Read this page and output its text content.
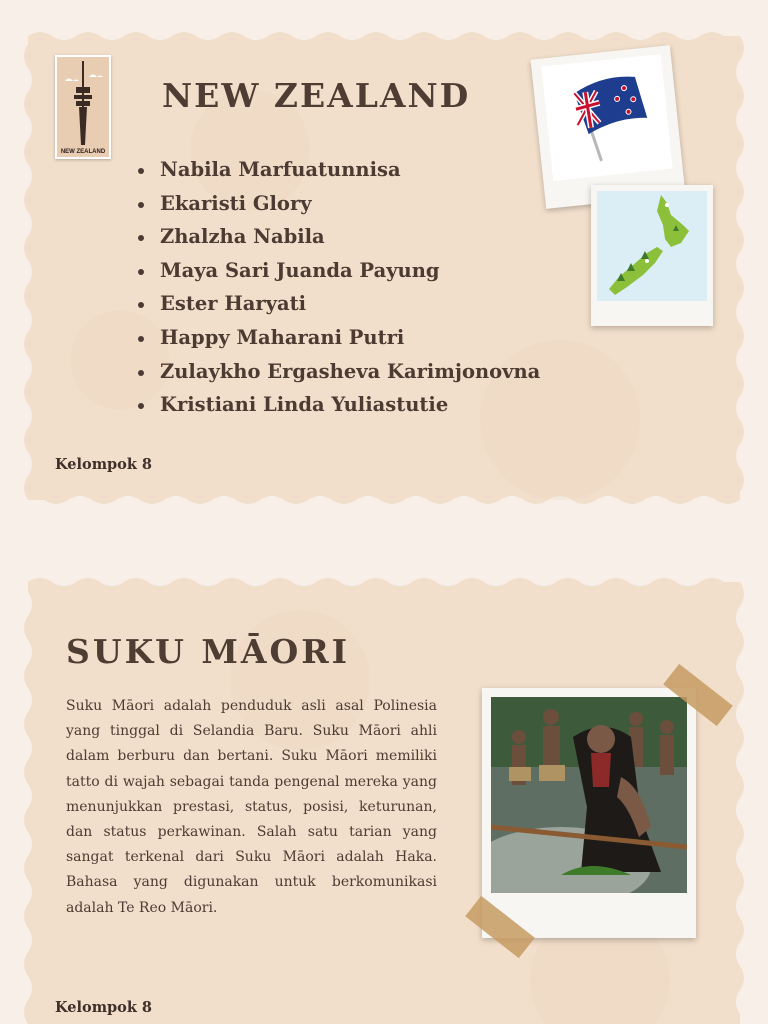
NEW ZEALAND
NEW ZEALAND
Nabila Marfuatunnisa
Ekaristi Glory
Zhalzha Nabila
Maya Sari Juanda Payung
Ester Haryati
Happy Maharani Putri
Zulaykho Ergasheva Karimjonovna
Kristiani Linda Yuliastutie
Kelompok 8
SUKU MĀORI

Suku Māori adalah penduduk asli asal Polinesia yang tinggal di Selandia Baru. Suku Māori ahli dalam berburu dan bertani. Suku Māori memiliki tatto di wajah sebagai tanda pengenal mereka yang menunjukkan prestasi, status, posisi, keturunan, dan status perkawinan. Salah satu tarian yang sangat terkenal dari Suku Māori adalah Haka. Bahasa yang digunakan untuk berkomunikasi adalah Te Reo Māori.

Kelompok 8
